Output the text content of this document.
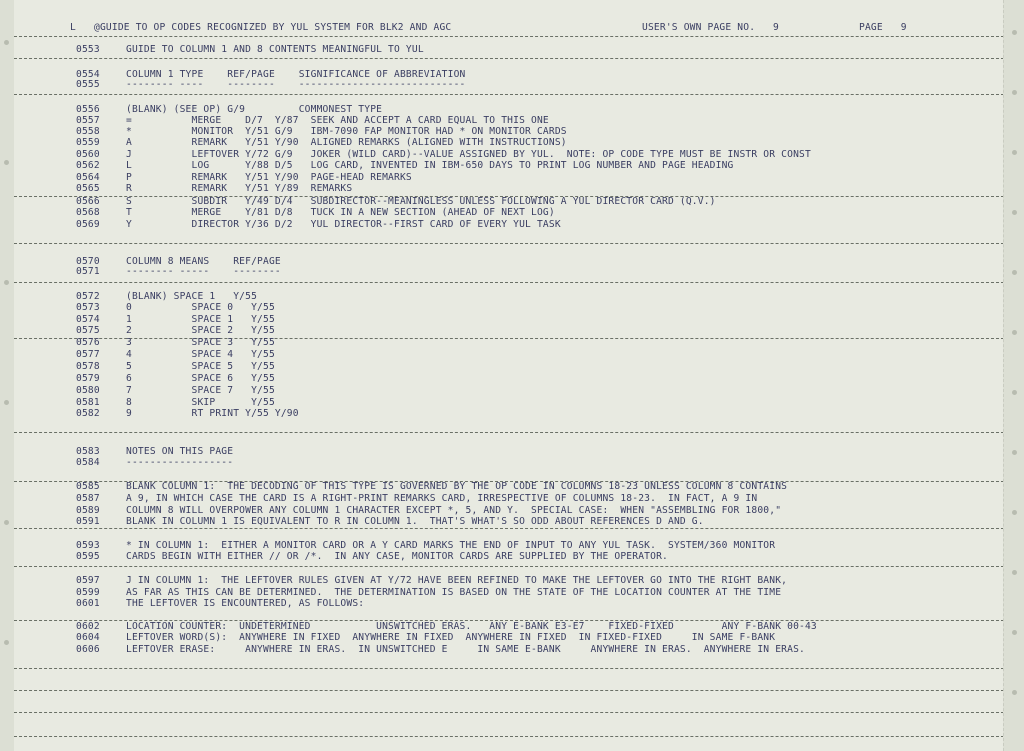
L

@GUIDE TO OP CODES RECOGNIZED BY YUL SYSTEM FOR BLK2 AND AGC

	USER'S OWN PAGE NO.   9

	PAGE   9

0553

	GUIDE TO COLUMN 1 AND 8 CONTENTS MEANINGFUL TO YUL

0554

	COLUMN 1 TYPE    REF/PAGE    SIGNIFICANCE OF ABBREVIATION

0555

	-------- ----    --------    ----------------------------

0556

	(BLANK) (SEE OP) G/9         COMMONEST TYPE

0557

	=          MERGE    D/7  Y/87  SEEK AND ACCEPT A CARD EQUAL TO THIS ONE

0558

	*          MONITOR  Y/51 G/9   IBM-7090 FAP MONITOR HAD * ON MONITOR CARDS

0559

	A          REMARK   Y/51 Y/90  ALIGNED REMARKS (ALIGNED WITH INSTRUCTIONS)

0560

	J          LEFTOVER Y/72 G/9   JOKER (WILD CARD)--VALUE ASSIGNED BY YUL.  NOTE: OP CODE TYPE MUST BE INSTR OR CONST

0562

	L          LOG      Y/88 D/5   LOG CARD, INVENTED IN IBM-650 DAYS TO PRINT LOG NUMBER AND PAGE HEADING

0564

	P          REMARK   Y/51 Y/90  PAGE-HEAD REMARKS

0565

	R          REMARK   Y/51 Y/89  REMARKS

0566

	S          SUBDIR   Y/49 D/4   SUBDIRECTOR--MEANINGLESS UNLESS FOLLOWING A YUL DIRECTOR CARD (Q.V.)

0568

	T          MERGE    Y/81 D/8   TUCK IN A NEW SECTION (AHEAD OF NEXT LOG)

0569

	Y          DIRECTOR Y/36 D/2   YUL DIRECTOR--FIRST CARD OF EVERY YUL TASK

0570

	COLUMN 8 MEANS    REF/PAGE

0571

	-------- -----    --------

0572

	(BLANK) SPACE 1   Y/55

0573

	0          SPACE 0   Y/55

0574

	1          SPACE 1   Y/55

0575

	2          SPACE 2   Y/55

0576

	3          SPACE 3   Y/55

0577

	4          SPACE 4   Y/55

0578

	5          SPACE 5   Y/55

0579

	6          SPACE 6   Y/55

0580

	7          SPACE 7   Y/55

0581

	8          SKIP      Y/55

0582

	9          RT PRINT Y/55 Y/90

0583

	NOTES ON THIS PAGE

0584

	------------------

0585

	BLANK COLUMN 1:  THE DECODING OF THIS TYPE IS GOVERNED BY THE OP CODE IN COLUMNS 18-23 UNLESS COLUMN 8 CONTAINS

0587

	A 9, IN WHICH CASE THE CARD IS A RIGHT-PRINT REMARKS CARD, IRRESPECTIVE OF COLUMNS 18-23.  IN FACT, A 9 IN

0589

	COLUMN 8 WILL OVERPOWER ANY COLUMN 1 CHARACTER EXCEPT *, 5, AND Y.  SPECIAL CASE:  WHEN "ASSEMBLING FOR 1800,"

0591

	BLANK IN COLUMN 1 IS EQUIVALENT TO R IN COLUMN 1.  THAT'S WHAT'S SO ODD ABOUT REFERENCES D AND G.

0593

	* IN COLUMN 1:  EITHER A MONITOR CARD OR A Y CARD MARKS THE END OF INPUT TO ANY YUL TASK.  SYSTEM/360 MONITOR

0595

	CARDS BEGIN WITH EITHER // OR /*.  IN ANY CASE, MONITOR CARDS ARE SUPPLIED BY THE OPERATOR.

0597

	J IN COLUMN 1:  THE LEFTOVER RULES GIVEN AT Y/72 HAVE BEEN REFINED TO MAKE THE LEFTOVER GO INTO THE RIGHT BANK,

0599

	AS FAR AS THIS CAN BE DETERMINED.  THE DETERMINATION IS BASED ON THE STATE OF THE LOCATION COUNTER AT THE TIME

0601

	THE LEFTOVER IS ENCOUNTERED, AS FOLLOWS:

0602

	LOCATION COUNTER:  UNDETERMINED           UNSWITCHED ERAS.   ANY E-BANK E3-E7    FIXED-FIXED        ANY F-BANK 00-43

0604

	LEFTOVER WORD(S):  ANYWHERE IN FIXED  ANYWHERE IN FIXED  ANYWHERE IN FIXED  IN FIXED-FIXED     IN SAME F-BANK

0606

	LEFTOVER ERASE:     ANYWHERE IN ERAS.  IN UNSWITCHED E     IN SAME E-BANK     ANYWHERE IN ERAS.  ANYWHERE IN ERAS.
